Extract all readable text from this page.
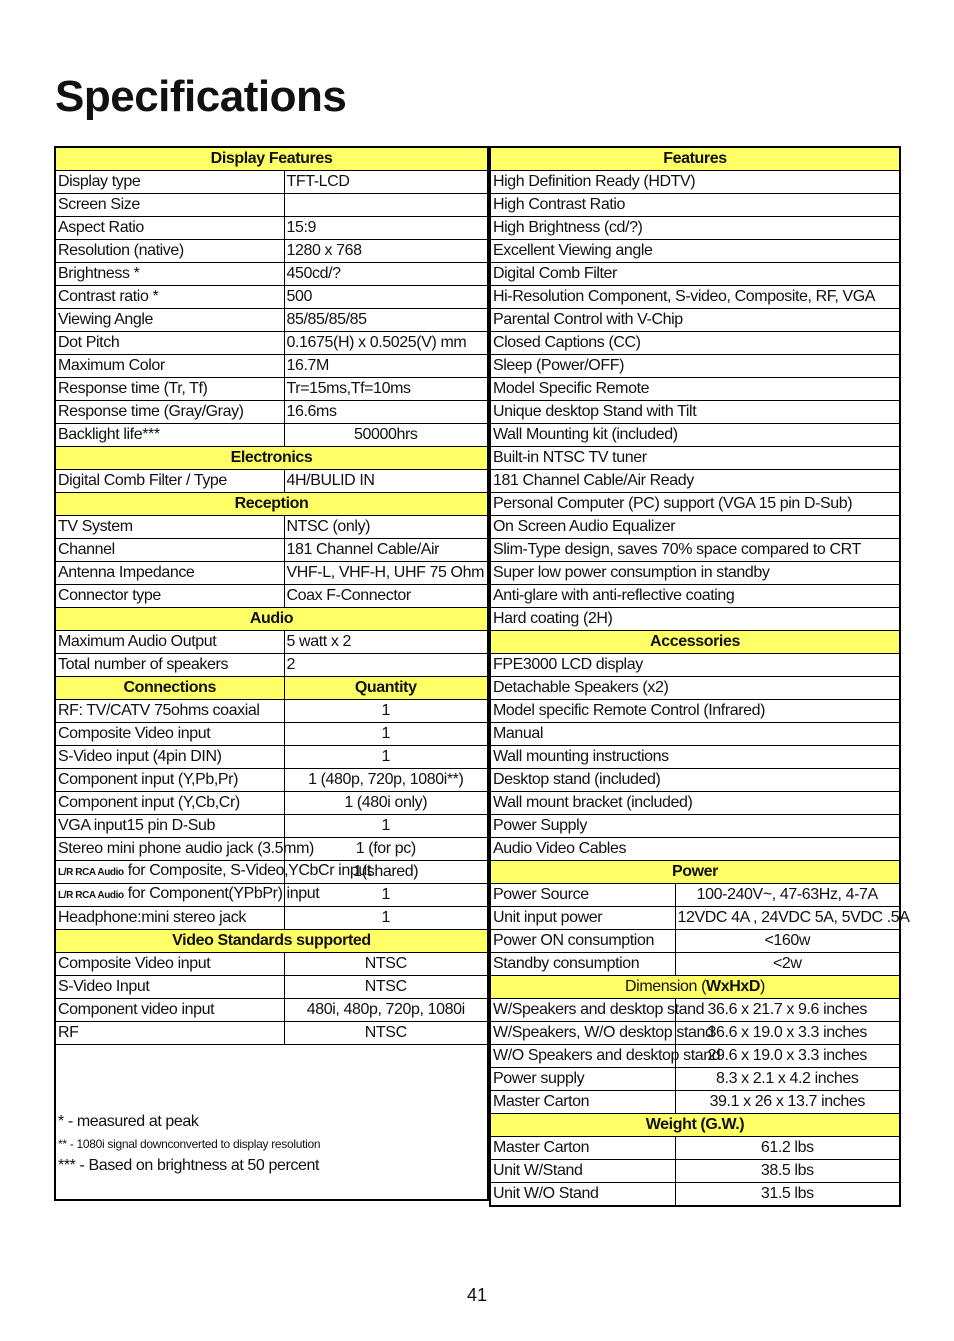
Specifications
Display Features	
Display type	TFT-LCD
Screen Size	
Aspect Ratio	15:9
Resolution (native)	1280 x 768
Brightness *	450cd/?
Contrast ratio *	500
Viewing Angle	85/85/85/85
Dot Pitch	0.1675(H) x 0.5025(V) mm
Maximum Color	16.7M
Response time (Tr, Tf)	Tr=15ms,Tf=10ms
Response time (Gray/Gray)	16.6ms
Backlight life***	50000hrs
Electronics	
Digital Comb Filter / Type	4H/BULID IN
Reception	
TV System	NTSC (only)
Channel	181 Channel Cable/Air
Antenna Impedance	VHF-L, VHF-H, UHF 75 Ohm
Connector type	Coax F-Connector
Audio	
Maximum Audio Output	5 watt x 2
Total number of speakers	2
Connections	Quantity
RF: TV/CATV 75ohms coaxial	1
Composite Video input	1
S-Video input (4pin DIN)	1
Component input (Y,Pb,Pr)	1 (480p, 720p, 1080i**)
Component input (Y,Cb,Cr)	1 (480i only)
VGA input15 pin D-Sub	1
Stereo mini phone audio jack (3.5mm)	1 (for pc)
L/R RCA Audio for Composite, S-Video,YCbCr input	1(shared)
L/R RCA Audio for Component(YPbPr) input	1
Headphone:mini stereo jack	1
Video Standards supported	
Composite Video input	NTSC
S-Video Input	NTSC
Component video input	480i, 480p, 720p, 1080i
RF	NTSC

* - measured at peak
** - 1080i signal downconverted to display resolution
*** - Based on brightness at 50 percent	
Features	
High Definition Ready (HDTV)	
High Contrast Ratio	
High Brightness (cd/?)	
Excellent Viewing angle	
Digital Comb Filter	
Hi-Resolution Component, S-video, Composite, RF, VGA	
Parental Control with V-Chip	
Closed Captions (CC)	
Sleep (Power/OFF)	
Model Specific Remote	
Unique desktop Stand with Tilt	
Wall Mounting kit (included)	
Built-in NTSC TV tuner	
181 Channel Cable/Air Ready	
Personal Computer (PC) support (VGA 15 pin D-Sub)	
On Screen Audio Equalizer	
Slim-Type design, saves 70% space compared to CRT	
Super low power consumption in standby	
Anti-glare with anti-reflective coating	
Hard coating (2H)	
Accessories	
FPE3000 LCD display	
Detachable Speakers (x2)	
Model specific Remote Control (Infrared)	
Manual	
Wall mounting instructions	
Desktop stand (included)	
Wall mount bracket (included)	
Power Supply	
Audio Video Cables	
Power	
Power Source	100-240V~, 47-63Hz, 4-7A
Unit input power	12VDC 4A , 24VDC 5A, 5VDC .5A
Power ON consumption	<160w
Standby consumption	<2w
Dimension (WxHxD)	
W/Speakers and desktop stand	36.6 x 21.7 x 9.6 inches
W/Speakers, W/O desktop stand	36.6 x 19.0 x 3.3 inches
W/O Speakers and desktop stand	29.6 x 19.0 x 3.3 inches
Power supply	8.3 x 2.1 x 4.2 inches
Master Carton	39.1 x 26 x 13.7 inches
Weight (G.W.)	
Master Carton	61.2 lbs
Unit W/Stand	38.5 lbs
Unit W/O Stand	31.5 lbs
41
